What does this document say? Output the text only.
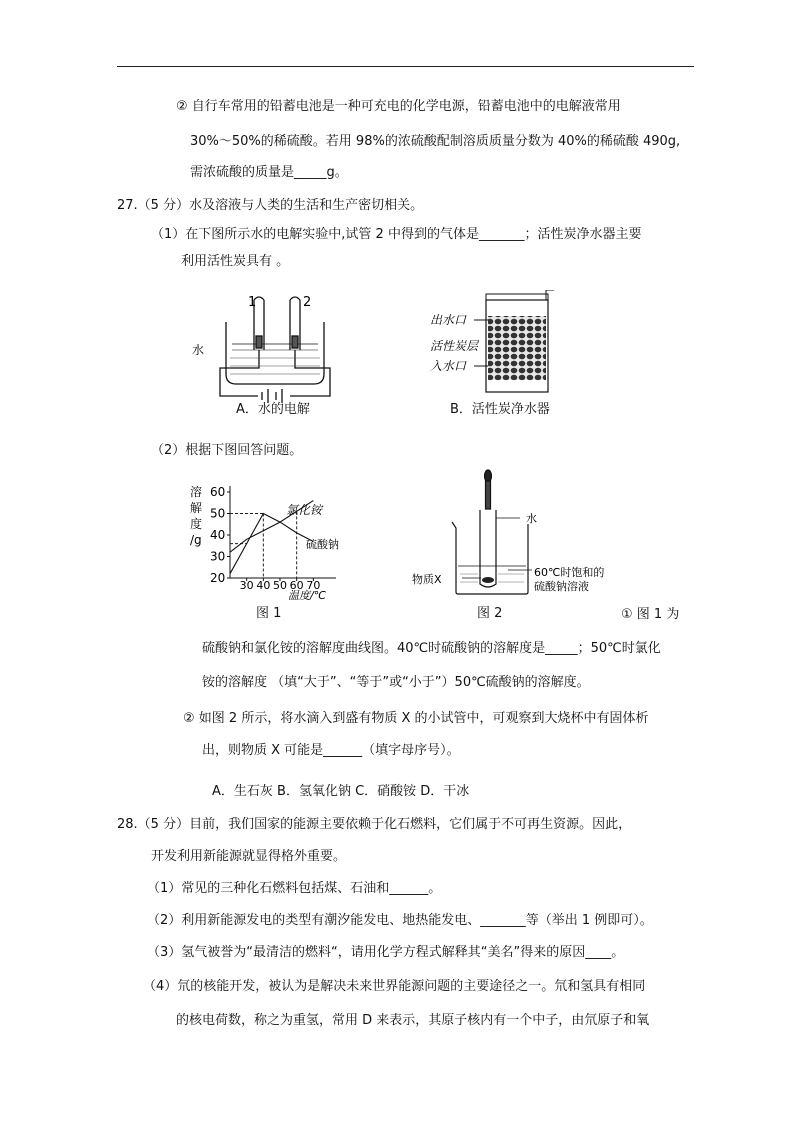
② 自行车常用的铅蓄电池是一种可充电的化学电源，铅蓄电池中的电解液常用
30%～50%的稀硫酸。若用 98%的浓硫酸配制溶质质量分数为 40%的稀硫酸 490g,
需浓硫酸的质量是_____g。
27.（5 分）水及溶液与人类的生活和生产密切相关。
（1）在下图所示水的电解实验中,试管 2 中得到的气体是_______；活性炭净水器主要
利用活性炭具有 。
1	2
水
A．水的电解
出水口
活性炭层
入水口
B．活性炭净水器
（2）根据下图回答问题。
溶
解
度
/g
温度/℃
氯化铵
硫酸钠
20
30
40
50
60
30 40 50 60 70
图 1
水
物质X
60℃时饱和的
硫酸钠溶液
图 2	① 图 1 为
硫酸钠和氯化铵的溶解度曲线图。40℃时硫酸钠的溶解度是_____；50℃时氯化
铵的溶解度 （填“大于”、“等于”或“小于”）50℃硫酸钠的溶解度。
② 如图 2 所示，将水滴入到盛有物质 X 的小试管中，可观察到大烧杯中有固体析
出，则物质 X 可能是______（填字母序号）。
A．生石灰 B．氢氧化钠 C．硝酸铵 D．干冰
28.（5 分）目前，我们国家的能源主要依赖于化石燃料，它们属于不可再生资源。因此，
开发利用新能源就显得格外重要。
（1）常见的三种化石燃料包括煤、石油和______。
（2）利用新能源发电的类型有潮汐能发电、地热能发电、_______等（举出 1 例即可）。
（3）氢气被誉为“最清洁的燃料“，请用化学方程式解释其“美名”得来的原因____。
（4）氘的核能开发，被认为是解决未来世界能源问题的主要途径之一。氘和氢具有相同
的核电荷数，称之为重氢，常用 D 来表示，其原子核内有一个中子，由氘原子和氧
